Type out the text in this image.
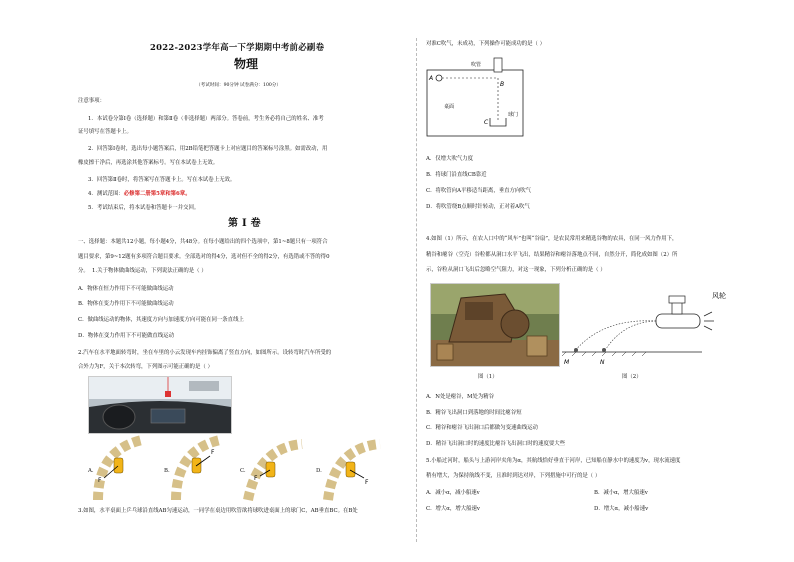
2022-2023学年高一下学期期中考前必刷卷
物理
（考试时间：90分钟 试卷满分：100分）
注意事项：
1．本试卷分第Ⅰ卷（选择题）和第Ⅱ卷（非选择题）两部分。答卷前，考生务必将自己的姓名、准考
证号填写在答题卡上。
2．回答第Ⅰ卷时，选出每小题答案后，用2B铅笔把答题卡上对应题目的答案标号涂黑。如需改动，用
橡皮擦干净后，再选涂其他答案标号。写在本试卷上无效。
3．回答第Ⅱ卷时，将答案写在答题卡上。写在本试卷上无效。
4．测试范围：必修第二册第5章和第6章。
5．考试结束后，将本试卷和答题卡一并交回。
第Ⅰ卷
一、选择题：本题共12小题，每小题4分，共48分。在每小题给出的四个选项中，第1~8题只有一项符合
题目要求，第9~12题有多项符合题目要求。全部选对的得4分，选对但不全的得2分，有选错或不答的得0
分。 1.关于物体做曲线运动，下列说法正确的是（ ）
A．物体在恒力作用下不可能做曲线运动
B．物体在变力作用下不可能做曲线运动
C．做曲线运动的物体，其速度方向与加速度方向可能在同一条直线上
D．物体在变力作用下不可能做直线运动
2.汽车在水平地面转弯时，坐在车里的小云发现车内挂饰偏离了竖直方向，如图所示。设转弯时汽车所受的
合外力为F，关于本次转弯，下列图示可能正确的是（ ）
F
F
F
F
A.	B.	C.	D.
3.如图，水平桌面上乒乓球沿直线AB匀速运动，一同学在桌边用吹管欲将球吹进桌面上的球门C，AB垂直BC。在B处
对准C吹气，未成功，下列操作可能成功的是（ ）
A
B
C
吹管
桌面
球门
A．仅增大吹气力度
B．将球门沿直线CB靠近
C．将吹管向A平移适当距离，垂直方向吹气
D．将吹管绕B点顺时针转动，正对着A吹气
4.如图（1）所示，在农人口中的“风车”也叫“谷扇”，是农民常用来精选谷物的农具，在同一风力作用下，
精谷和瘪谷（空壳）谷粒都从洞口水平飞出，结果精谷和瘪谷落地点不同，自然分开，简化成如图（2）所
示，谷粒从洞口飞出后忽略空气阻力，对这一现象，下列分析正确的是（ ）
M	N
风轮
图（1）	图（2）
A．N处是瘪谷，M处为精谷
B．精谷飞出洞口到落地的时间比瘪谷短
C．精谷和瘪谷飞出洞口后都做匀变速曲线运动
D．精谷飞出洞口时的速度比瘪谷飞出洞口时的速度要大些
5.小船过河时，船头与上游河岸夹角为α，其航线恰好垂直于河岸，已知船在静水中的速度为v，现水流速度
稍有增大，为保持航线不变，且准时到达对岸，下列措施中可行的是（ ）
A．减小α，减小船速v	B．减小α，增大船速v
C．增大α，增大船速v	D．增大α，减小船速v
